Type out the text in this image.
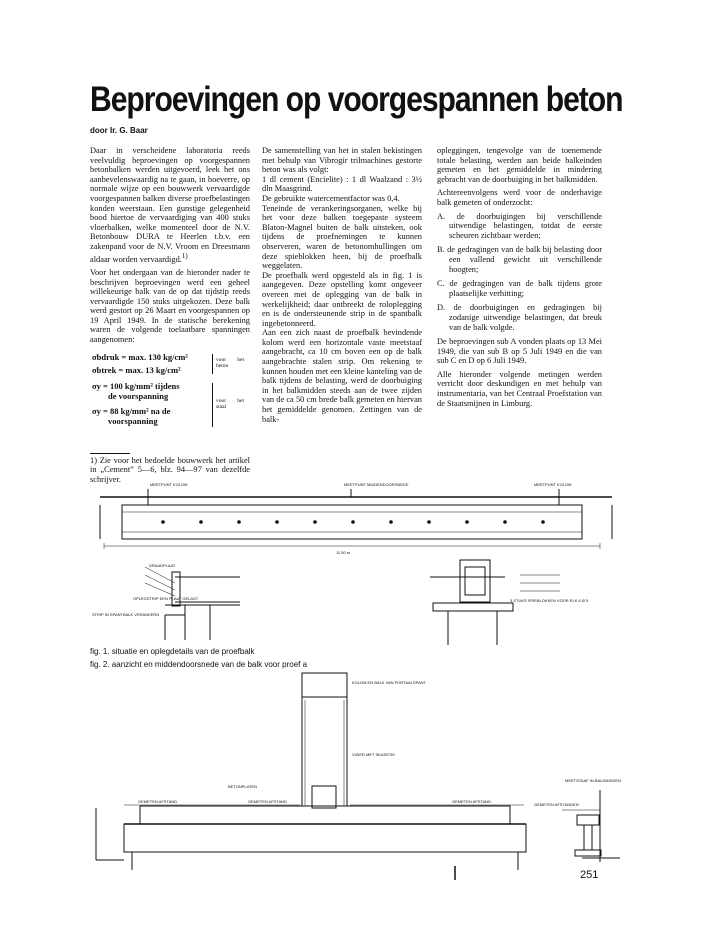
Beproevingen op voorgespannen beton
door Ir. G. Baar

Daar in verscheidene laboratoria reeds veelvuldig beproevingen op voorgespannen betonbalken werden uitgevoerd, leek het ons aanbevelenswaardig na te gaan, in hoeverre, op normale wijze op een bouwwerk vervaardigde voorgespannen balken diverse proefbelastingen konden weerstaan. Een gunstige gelegenheid bood hiertoe de vervaardiging van 400 stuks vloerbalken, welke momenteel door de N.V. Betonbouw DURA te Heerlen t.b.v. een zakenpand voor de N.V. Vroom en Dreesmann aldaar worden vervaardigd.$^{1)}$

Voor het ondergaan van de hieronder nader te beschrijven beproevingen werd een geheel willekeurige balk van de op dat tijdstip reeds vervaardigde 150 stuks uitgekozen. Deze balk werd gestort op 26 Maart en voorgespannen op 19 April 1949. In de statische berekening waren de volgende toelaatbare spanningen aangenomen:

σbdruk = max. 130 kg/cm²
σbtrek = max. 13 kg/cm²
σy = 100 kg/mm² tijdens
de voorspanning
σy = 88 kg/mm² na de
voorspanning
voor het beton
voor het staal

1) Zie voor het bedoelde bouwwerk het artikel in „Cement” 5—6, blz. 94—97 van dezelfde schrijver.

De samenstelling van het in stalen bekistingen met behulp van Vibrogir trilmachines gestorte beton was als volgt:

1 dl cement (Encielite) : 1 dl Waalzand : 3½ dln Maasgrind.

De gebruikte watercementfactor was 0,4.

Teneinde de verankeringsorganen, welke bij het voor deze balken toegepaste systeem Blaton-Magnel buiten de balk uitsteken, ook tijdens de proefnemingen te kunnen observeren, waren de betonomhullingen om deze spieblokken heen, bij de proefbalk weggelaten.

De proefbalk werd opgesteld als in fig. 1 is aangegeven. Deze opstelling komt ongeveer overeen met de oplegging van de balk in werkelijkheid; daar ontbreekt de roloplegging en is de ondersteunende strip in de spantbalk ingebetonneerd.

Aan een zich naast de proefbalk bevindende kolom werd een horizontale vaste meetstaaf aangebracht, ca 10 cm boven een op de balk aangebrachte stalen strip. Om rekening te kunnen houden met een kleine kanteling van de balk tijdens de belasting, werd de doorbuiging in het balkmidden steeds aan de twee zijden van de ca 50 cm brede balk gemeten en hiervan het gemiddelde genomen. Zettingen van de balk-

opleggingen, tengevolge van de toenemende totale belasting, werden aan beide balkeinden gemeten en het gemiddelde in mindering gebracht van de doorbuiging in het balkmidden.

Achtereenvolgens werd voor de onderhavige balk gemeten of onderzocht:

A. de doorbuigingen bij verschillende uitwendige belastingen, totdat de eerste scheuren zichtbaar werden;
B. de gedragingen van de balk bij belasting door een vallend gewicht uit verschillende hoogten;
C. de gedragingen van de balk tijdens grote plaatselijke verhitting;
D. de doorbuigingen en gedragingen bij zodanige uitwendige belastingen, dat breuk van de balk volgde.

De beproevingen sub A vonden plaats op 13 Mei 1949, die van sub B op 5 Juli 1949 en die van sub C en D op 6 Juli 1949.

Alle hieronder volgende metingen werden verricht door deskundigen en met behulp van instrumentaria, van het Centraal Proefstation van de Staatsmijnen in Limburg.

MEETPUNT KOLOM	MEETPUNT MIDDENDOORSNEDE	MEETPUNT KOLOM
11.50 m
DRAADPLAAT
OPLEGSTRIP EEN PLAAT GELAST
STRIP IN SPANTBALK VERANKERD
3 STUKS SPIEBLOKKEN VOOR ELK 6 Ø 5
KOLOM EN BALK VAN PORTAALSPANT
VIZIER MET SKASSTIK
BETONPLATEN
GEMETEN AFSTAND	GEMETEN AFSTAND	GEMETEN AFSTAND
MEETSTAAF IN BALKMIDDEN
GEMETEN AFSTANDEN
fig. 1. situatie en oplegdetails van de proefbalk
fig. 2. aanzicht en middendoorsnede van de balk voor proef a
251
